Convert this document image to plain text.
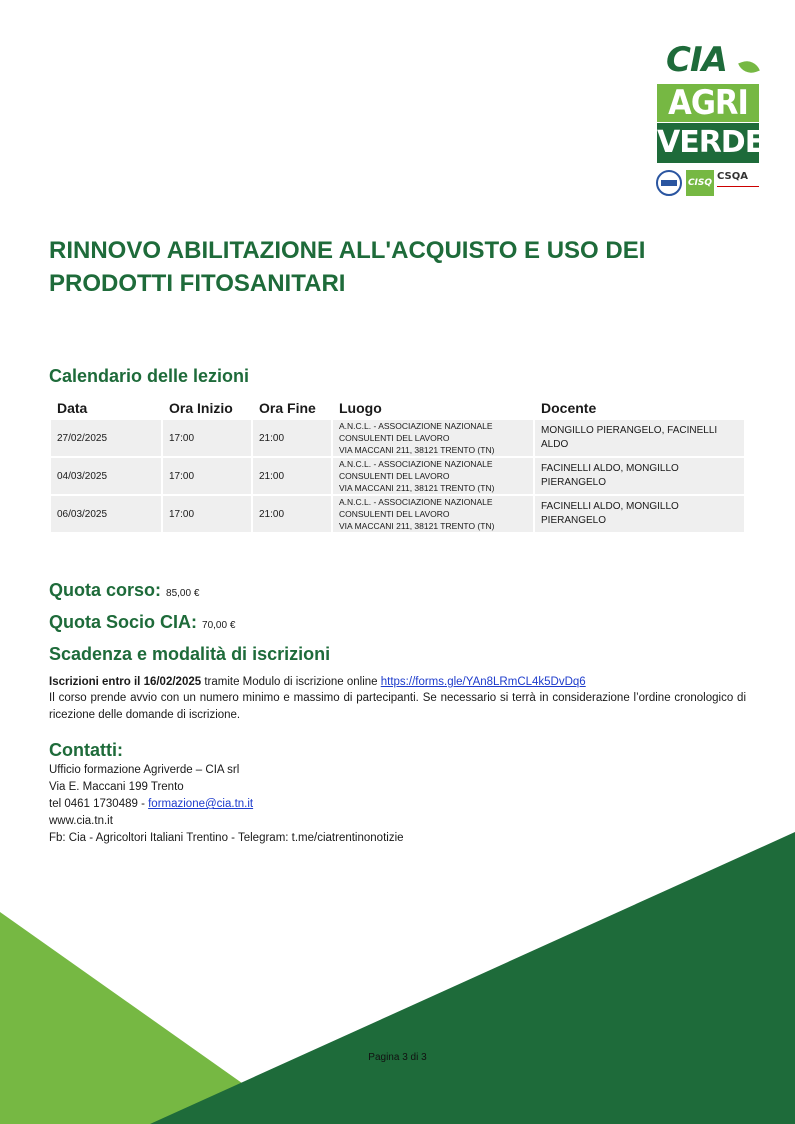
CIA
AGRI
VERDE
CISQ
CSQA
RINNOVO ABILITAZIONE ALL'ACQUISTO E USO DEI PRODOTTI FITOSANITARI
Calendario delle lezioni
Data	Ora Inizio	Ora Fine	Luogo	Docente
27/02/2025	17:00	21:00	A.N.C.L. - ASSOCIAZIONE NAZIONALE
CONSULENTI DEL LAVORO
VIA MACCANI 211, 38121 TRENTO (TN)	MONGILLO PIERANGELO, FACINELLI ALDO
04/03/2025	17:00	21:00	A.N.C.L. - ASSOCIAZIONE NAZIONALE
CONSULENTI DEL LAVORO
VIA MACCANI 211, 38121 TRENTO (TN)	FACINELLI ALDO, MONGILLO PIERANGELO
06/03/2025	17:00	21:00	A.N.C.L. - ASSOCIAZIONE NAZIONALE
CONSULENTI DEL LAVORO
VIA MACCANI 211, 38121 TRENTO (TN)	FACINELLI ALDO, MONGILLO PIERANGELO
Quota corso: 85,00 €
Quota Socio CIA: 70,00 €
Scadenza e modalità di iscrizioni
Iscrizioni entro il 16/02/2025 tramite Modulo di iscrizione online https://forms.gle/YAn8LRmCL4k5DvDq6
Il corso prende avvio con un numero minimo e massimo di partecipanti. Se necessario si terrà in considerazione l’ordine cronologico di ricezione delle domande di iscrizione.
Contatti:
Ufficio formazione Agriverde – CIA srl
Via E. Maccani 199 Trento
tel 0461 1730489 - formazione@cia.tn.it
www.cia.tn.it
Fb: Cia - Agricoltori Italiani Trentino - Telegram: t.me/ciatrentinonotizie
Pagina 3 di 3
